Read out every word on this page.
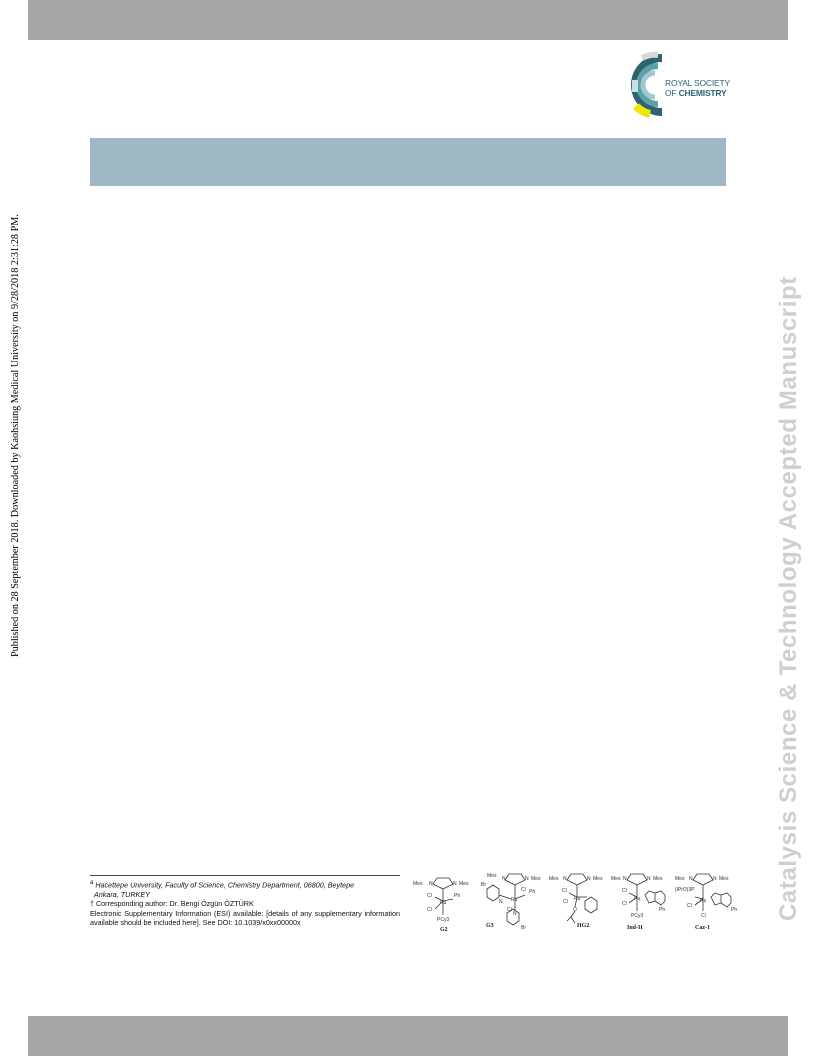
ROYAL SOCIETY
OF CHEMISTRY
Published on 28 September 2018. Downloaded by Kaohsiung Medical University on 9/28/2018 2:31:28 PM.	Catalysis Science & Technology Accepted Manuscript

$^a$ Hacettepe University, Faculty of Science, Chemistry Department, 06800, Beytepe
Ankara, TURKEY

† Corresponding author: Dr. Bengi Özgün ÖZTÜRK

Electronic Supplementary Information (ESI) available: [details of any supplementary information available should be included here]. See DOI: 10.1039/x0xx00000x

Mes N	N Mes
Cl
Ru
Ph
Cl
PCy3
G2
Br
Mes N	N Mes
N Ru
Cl Ph
Cl
N
Br
G3
Mes N	N Mes
Cl
Ru
Cl
O
HG2
Mes N	N Mes
Cl
Ru
Cl
PCy3
Ph
Ind-II
Mes N	N Mes
(iPrO)3P
Ru
Cl
Cl
Ph
Caz-1
